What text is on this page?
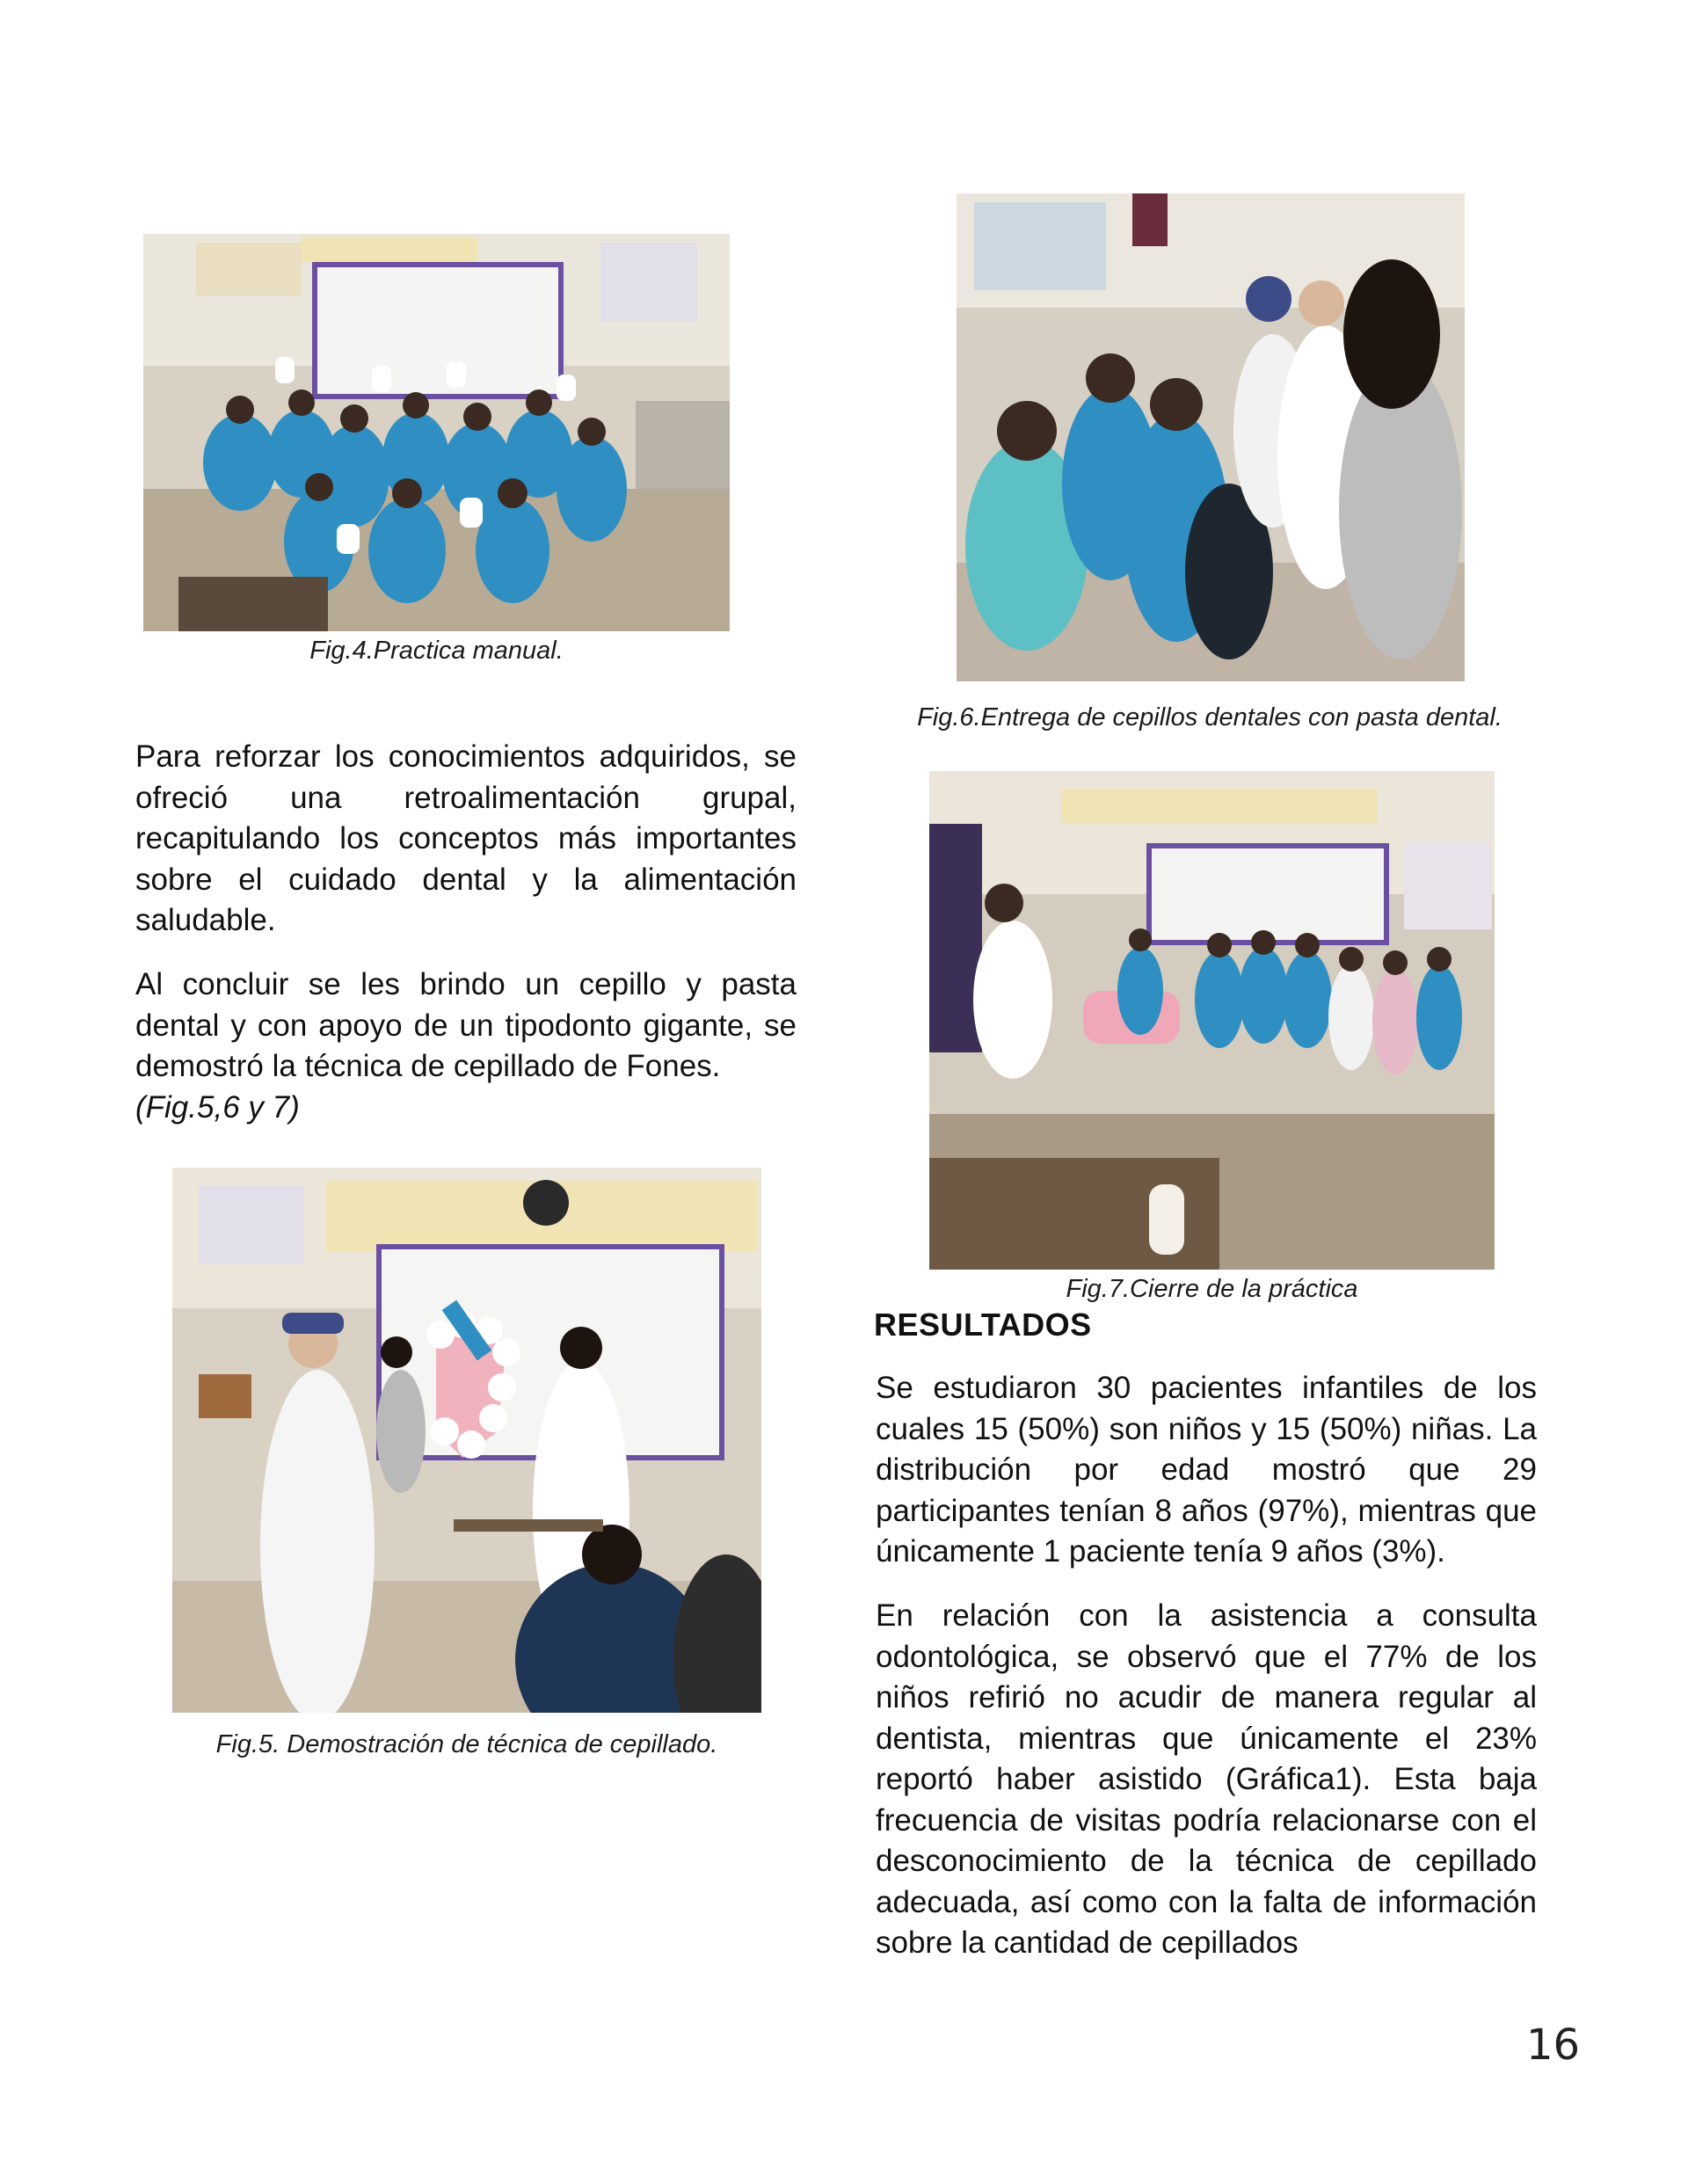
Fig.4.Practica manual.
Fig.6.Entrega de cepillos dentales con pasta dental.

Para reforzar los conocimientos adquiridos, se ofreció una retroalimentación grupal, recapitulando los conceptos más importantes sobre el cuidado dental y la alimentación saludable.

Al concluir se les brindo un cepillo y pasta dental y con apoyo de un tipodonto gigante, se demostró la técnica de cepillado de Fones.
(Fig.5,6 y 7)

Fig.7.Cierre de la práctica
RESULTADOS

Se estudiaron 30 pacientes infantiles de los cuales 15 (50%) son niños y 15 (50%) niñas. La distribución por edad mostró que 29 participantes tenían 8 años (97%), mientras que únicamente 1 paciente tenía 9 años (3%).

En relación con la asistencia a consulta odontológica, se observó que el 77% de los niños refirió no acudir de manera regular al dentista, mientras que únicamente el 23% reportó haber asistido (Gráfica1). Esta baja frecuencia de visitas podría relacionarse con el desconocimiento de la técnica de cepillado adecuada, así como con la falta de información sobre la cantidad de cepillados

Fig.5. Demostración de técnica de cepillado.
16
